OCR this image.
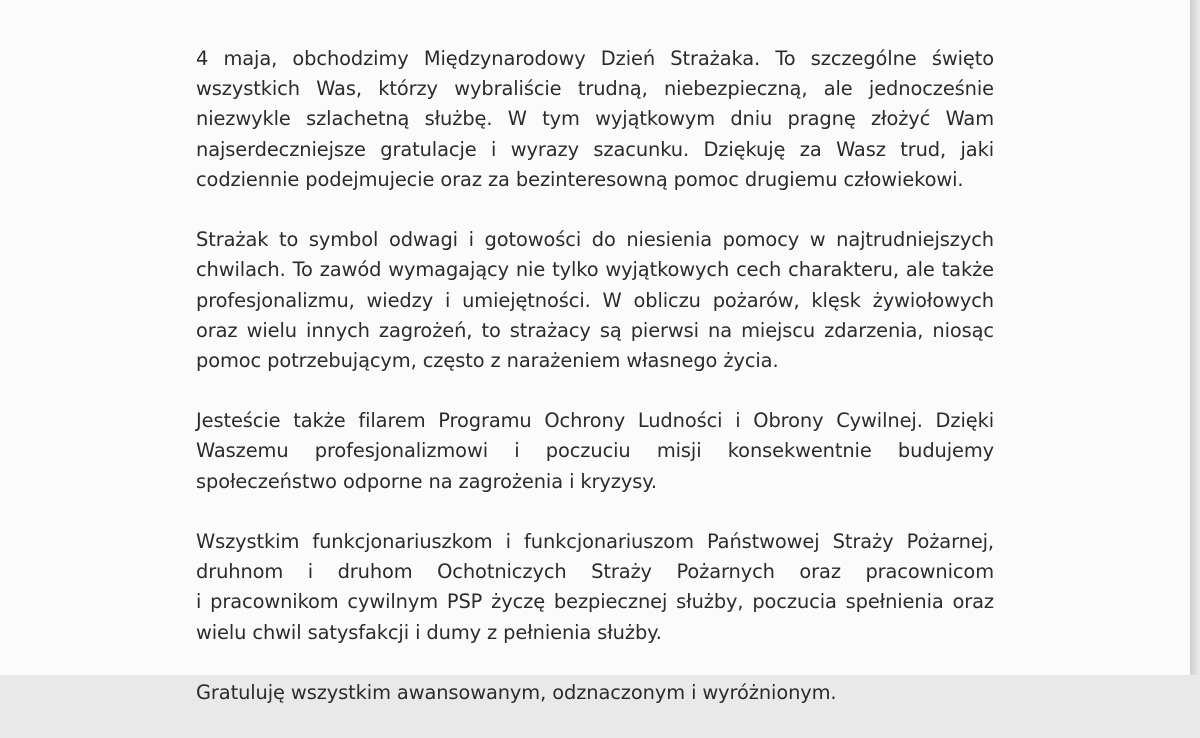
4 maja, obchodzimy Międzynarodowy Dzień Strażaka. To szczególne święto
wszystkich Was, którzy wybraliście trudną, niebezpieczną, ale jednocześnie
niezwykle szlachetną służbę. W tym wyjątkowym dniu pragnę złożyć Wam
najserdeczniejsze gratulacje i wyrazy szacunku. Dziękuję za Wasz trud, jaki
codziennie podejmujecie oraz za bezinteresowną pomoc drugiemu człowiekowi.
Strażak to symbol odwagi i gotowości do niesienia pomocy w najtrudniejszych
chwilach. To zawód wymagający nie tylko wyjątkowych cech charakteru, ale także
profesjonalizmu, wiedzy i umiejętności. W obliczu pożarów, klęsk żywiołowych
oraz wielu innych zagrożeń, to strażacy są pierwsi na miejscu zdarzenia, niosąc
pomoc potrzebującym, często z narażeniem własnego życia.
Jesteście także filarem Programu Ochrony Ludności i Obrony Cywilnej. Dzięki
Waszemu profesjonalizmowi i poczuciu misji konsekwentnie budujemy
społeczeństwo odporne na zagrożenia i kryzysy.
Wszystkim funkcjonariuszkom i funkcjonariuszom Państwowej Straży Pożarnej,
druhnom i druhom Ochotniczych Straży Pożarnych oraz pracownicom
i pracownikom cywilnym PSP życzę bezpiecznej służby, poczucia spełnienia oraz
wielu chwil satysfakcji i dumy z pełnienia służby.
Gratuluję wszystkim awansowanym, odznaczonym i wyróżnionym.
